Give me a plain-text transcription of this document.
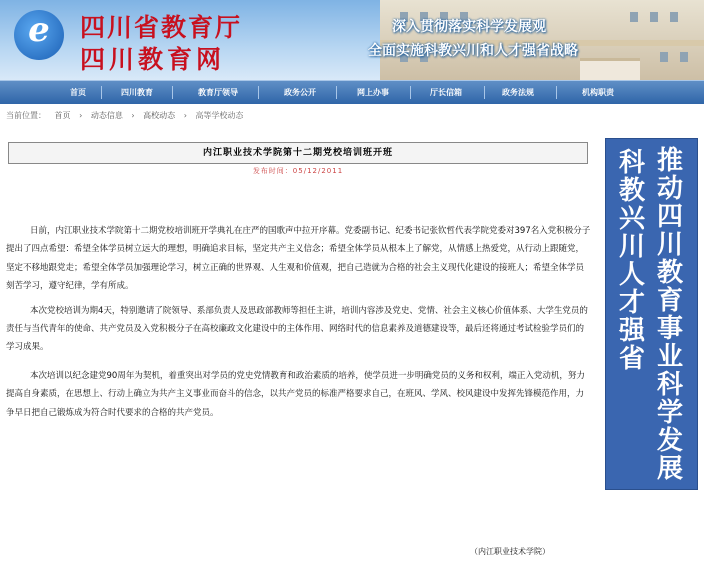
e	四川省教育厅
四川教育网
深入贯彻落实科学发展观
全面实施科教兴川和人才强省战略
首页	四川教育	教育厅领导	政务公开	网上办事	厅长信箱	政务法规	机构职责
当前位置： 首页 › 动态信息 › 高校动态 › 高等学校动态
内江职业技术学院第十二期党校培训班开班
发布时间：05/12/2011

日前，内江职业技术学院第十二期党校培训班开学典礼在庄严的国歌声中拉开序幕。党委副书记、纪委书记张钦哲代表学院党委对397名入党积极分子提出了四点希望：希望全体学员树立远大的理想，明确追求目标，坚定共产主义信念；希望全体学员从根本上了解党，从情感上热爱党，从行动上跟随党，坚定不移地跟党走；希望全体学员加强理论学习，树立正确的世界观、人生观和价值观，把自己造就为合格的社会主义现代化建设的接班人；希望全体学员刻苦学习，遵守纪律，学有所成。

本次党校培训为期4天，特别邀请了院领导、系部负责人及思政部教师等担任主讲，培训内容涉及党史、党情、社会主义核心价值体系、大学生党员的责任与当代青年的使命、共产党员及入党积极分子在高校廉政文化建设中的主体作用、网络时代的信息素养及道德建设等，最后还将通过考试检验学员们的学习成果。

本次培训以纪念建党90周年为契机，着重突出对学员的党史党情教育和政治素质的培养，使学员进一步明确党员的义务和权利，端正入党动机，努力提高自身素质，在思想上、行动上确立为共产主义事业而奋斗的信念，以共产党员的标准严格要求自己，在班风、学风、校风建设中发挥先锋模范作用，力争早日把自己锻炼成为符合时代要求的合格的共产党员。

（内江职业技术学院）
推动四川教育事业科学发展
科教兴川 人才强省
